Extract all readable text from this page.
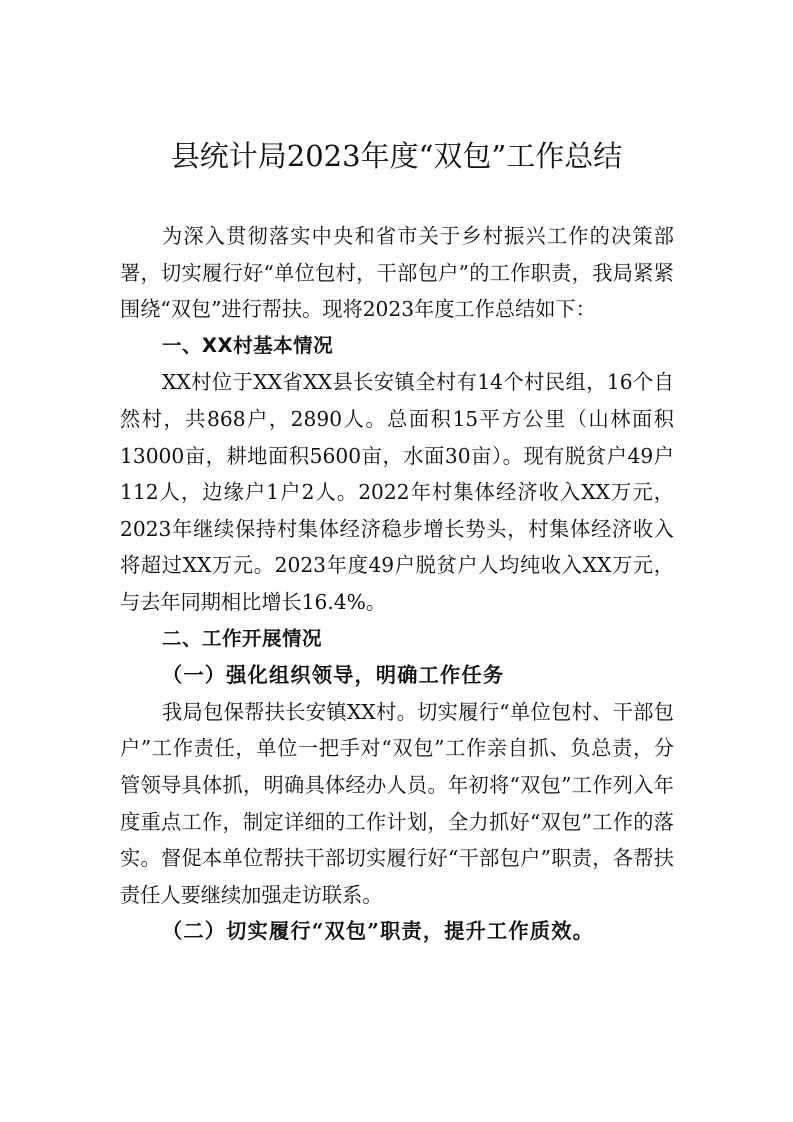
县统计局2023年度“双包”工作总结

为深入贯彻落实中央和省市关于乡村振兴工作的决策部署，切实履行好“单位包村，干部包户”的工作职责，我局紧紧围绕“双包”进行帮扶。现将2023年度工作总结如下：

一、XX村基本情况

XX村位于XX省XX县长安镇全村有14个村民组，16个自然村，共868户，2890人。总面积15平方公里（山林面积13000亩，耕地面积5600亩，水面30亩）。现有脱贫户49户112人，边缘户1户2人。2022年村集体经济收入XX万元，2023年继续保持村集体经济稳步增长势头，村集体经济收入将超过XX万元。2023年度49户脱贫户人均纯收入XX万元，与去年同期相比增长16.4%。

二、工作开展情况

（一）强化组织领导，明确工作任务

我局包保帮扶长安镇XX村。切实履行“单位包村、干部包户”工作责任，单位一把手对“双包”工作亲自抓、负总责，分管领导具体抓，明确具体经办人员。年初将“双包”工作列入年度重点工作，制定详细的工作计划，全力抓好“双包”工作的落实。督促本单位帮扶干部切实履行好“干部包户”职责，各帮扶责任人要继续加强走访联系。

（二）切实履行“双包”职责，提升工作质效。
